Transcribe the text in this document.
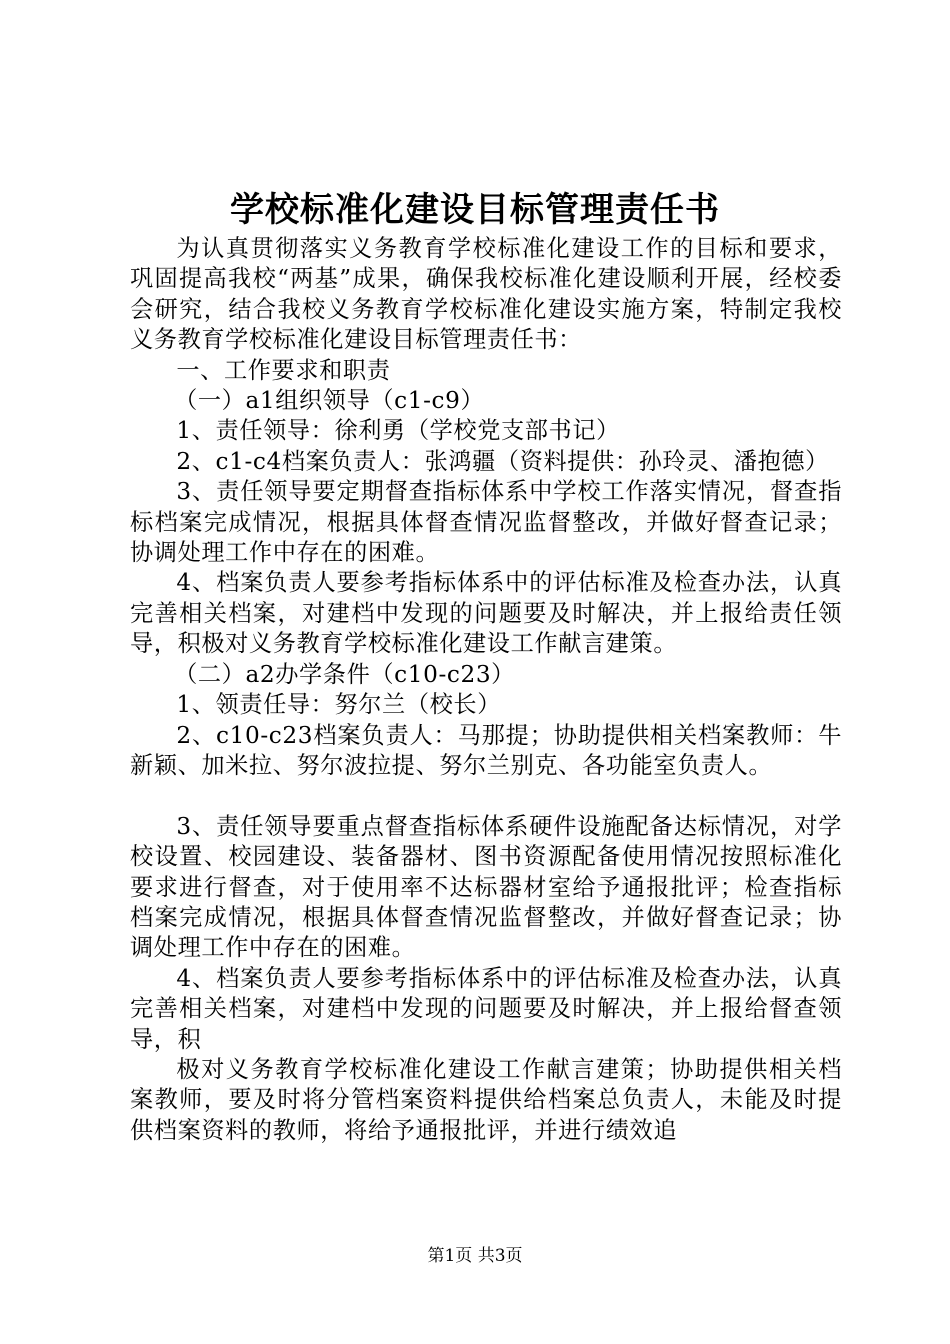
学校标准化建设目标管理责任书

为认真贯彻落实义务教育学校标准化建设工作的目标和要求，巩固提高我校“两基”成果，确保我校标准化建设顺利开展，经校委会研究，结合我校义务教育学校标准化建设实施方案，特制定我校义务教育学校标准化建设目标管理责任书：

一、工作要求和职责

（一）a1组织领导（c1-c9）

1、责任领导：徐利勇（学校党支部书记）

2、c1-c4档案负责人：张鸿疆（资料提供：孙玲灵、潘抱德）

3、责任领导要定期督查指标体系中学校工作落实情况，督查指标档案完成情况，根据具体督查情况监督整改，并做好督查记录；协调处理工作中存在的困难。

4、档案负责人要参考指标体系中的评估标准及检查办法，认真完善相关档案，对建档中发现的问题要及时解决，并上报给责任领导，积极对义务教育学校标准化建设工作献言建策。

（二）a2办学条件（c10-c23）

1、领责任导：努尔兰（校长）

2、c10-c23档案负责人：马那提；协助提供相关档案教师：牛新颖、加米拉、努尔波拉提、努尔兰别克、各功能室负责人。

3、责任领导要重点督查指标体系硬件设施配备达标情况，对学校设置、校园建设、装备器材、图书资源配备使用情况按照标准化要求进行督查，对于使用率不达标器材室给予通报批评；检查指标档案完成情况，根据具体督查情况监督整改，并做好督查记录；协调处理工作中存在的困难。

4、档案负责人要参考指标体系中的评估标准及检查办法，认真完善相关档案，对建档中发现的问题要及时解决，并上报给督查领导，积

极对义务教育学校标准化建设工作献言建策；协助提供相关档案教师，要及时将分管档案资料提供给档案总负责人，未能及时提供档案资料的教师，将给予通报批评，并进行绩效追

第1页 共3页
